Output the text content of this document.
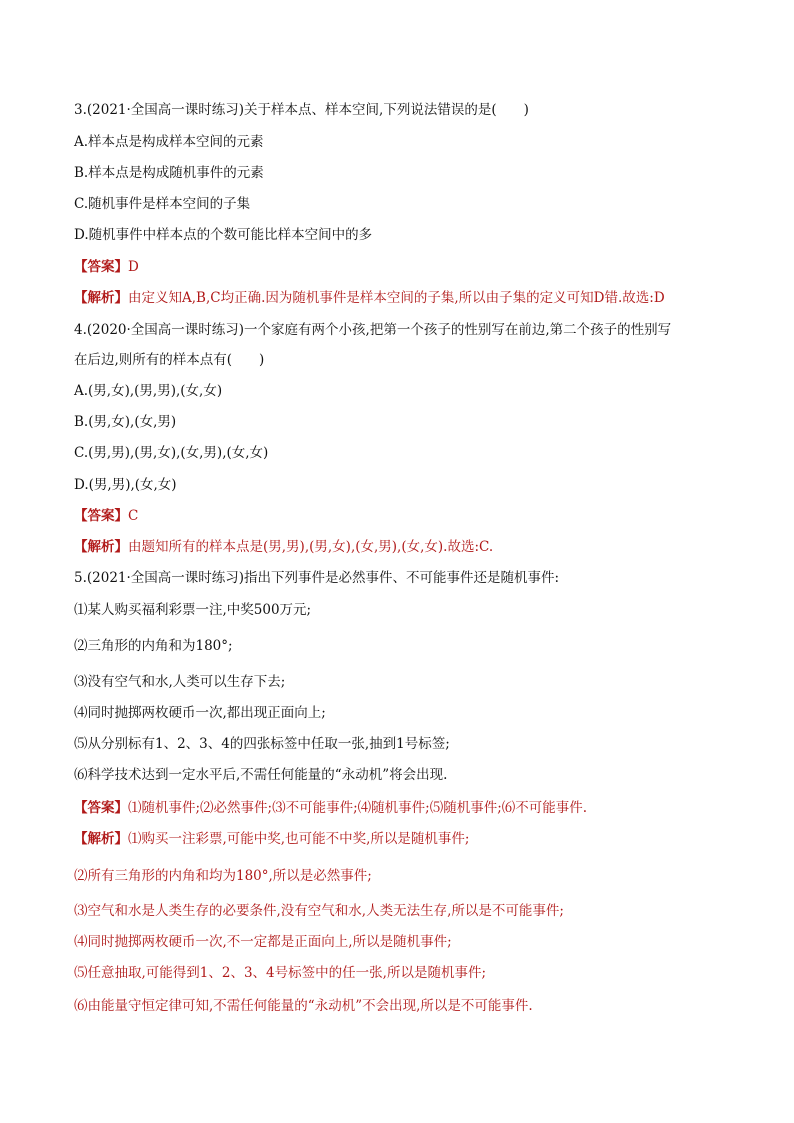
3.(2021·全国高一课时练习)关于样本点、样本空间,下列说法错误的是(　　)
A.样本点是构成样本空间的元素
B.样本点是构成随机事件的元素
C.随机事件是样本空间的子集
D.随机事件中样本点的个数可能比样本空间中的多
【答案】D
【解析】由定义知A,B,C均正确.因为随机事件是样本空间的子集,所以由子集的定义可知D错.故选:D
4.(2020·全国高一课时练习)一个家庭有两个小孩,把第一个孩子的性别写在前边,第二个孩子的性别写
在后边,则所有的样本点有(　　)
A.(男,女),(男,男),(女,女)
B.(男,女),(女,男)
C.(男,男),(男,女),(女,男),(女,女)
D.(男,男),(女,女)
【答案】C
【解析】由题知所有的样本点是(男,男),(男,女),(女,男),(女,女).故选:C.
5.(2021·全国高一课时练习)指出下列事件是必然事件、不可能事件还是随机事件:
⑴某人购买福利彩票一注,中奖500万元;
⑵三角形的内角和为180°;
⑶没有空气和水,人类可以生存下去;
⑷同时抛掷两枚硬币一次,都出现正面向上;
⑸从分别标有1、2、3、4的四张标签中任取一张,抽到1号标签;
⑹科学技术达到一定水平后,不需任何能量的“永动机”将会出现.
【答案】⑴随机事件;⑵必然事件;⑶不可能事件;⑷随机事件;⑸随机事件;⑹不可能事件.
【解析】⑴购买一注彩票,可能中奖,也可能不中奖,所以是随机事件;
⑵所有三角形的内角和均为180°,所以是必然事件;
⑶空气和水是人类生存的必要条件,没有空气和水,人类无法生存,所以是不可能事件;
⑷同时抛掷两枚硬币一次,不一定都是正面向上,所以是随机事件;
⑸任意抽取,可能得到1、2、3、4号标签中的任一张,所以是随机事件;
⑹由能量守恒定律可知,不需任何能量的“永动机”不会出现,所以是不可能事件.
